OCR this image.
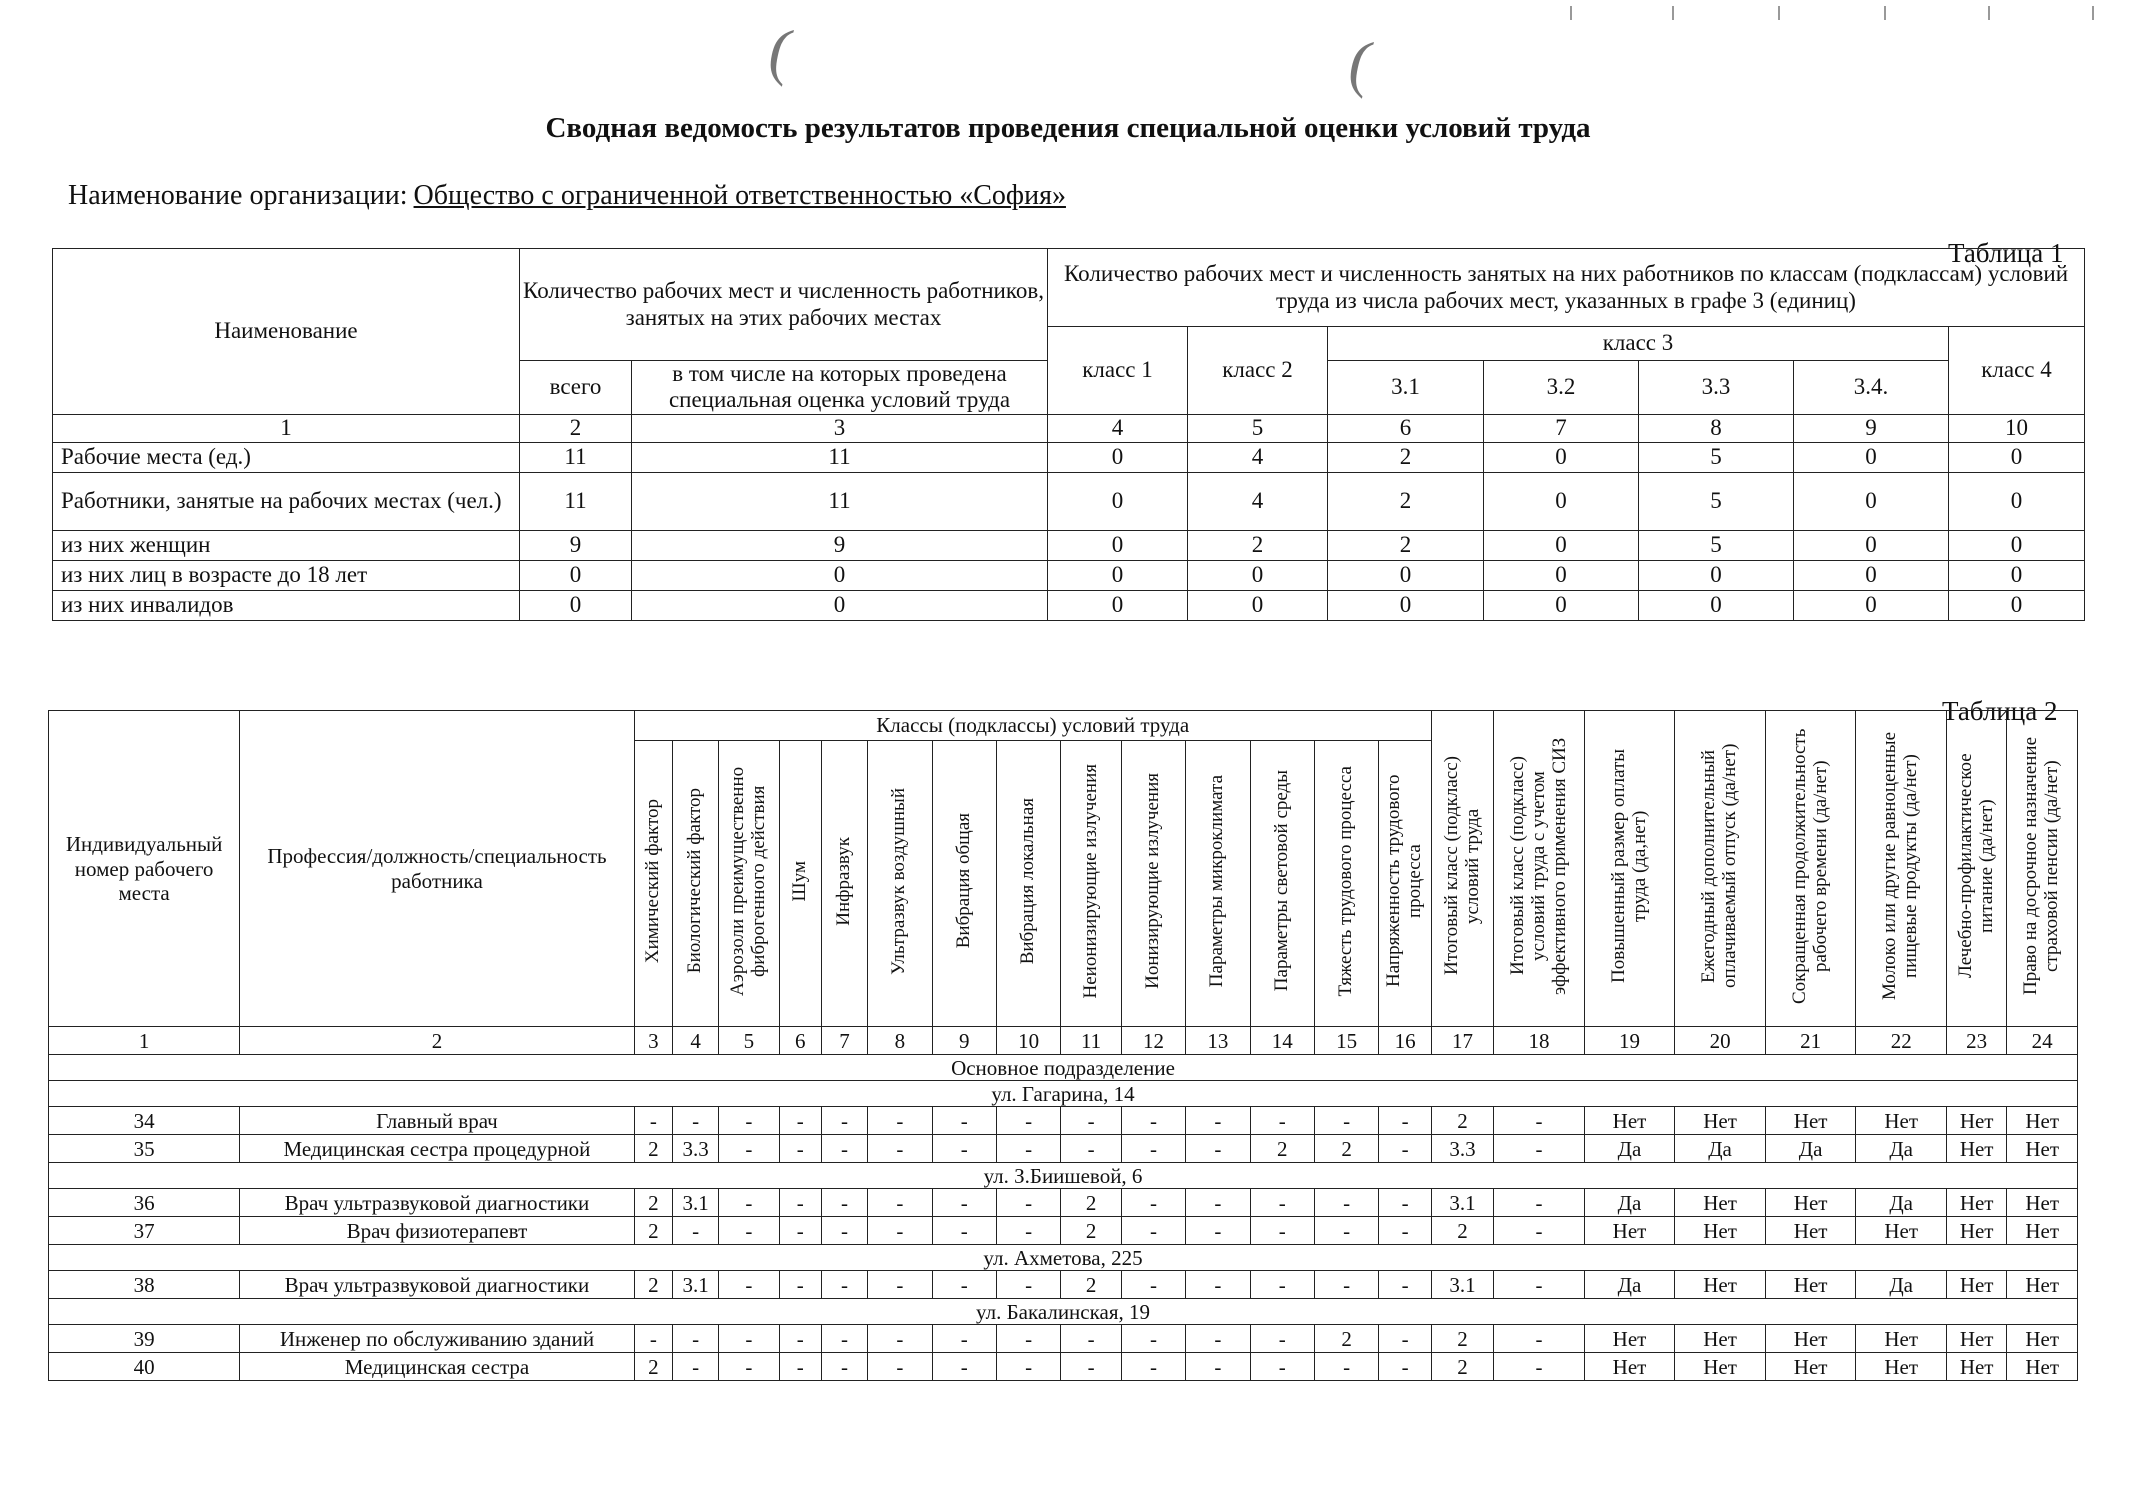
(	(
Сводная ведомость результатов проведения специальной оценки условий труда
Наименование организации: Общество с ограниченной ответственностью «София»
Таблица 1
Наименование	Количество рабочих мест и численность работников, занятых на этих рабочих местах		Количество рабочих мест и численность занятых на них работников по классам (подклассам) условий труда из числа рабочих мест, указанных в графе 3 (единиц)						
			класс 1	класс 2	класс 3				класс 4
	всего	в том числе на которых проведена специальная оценка условий труда			3.1	3.2	3.3	3.4.	
1	2	3	4	5	6	7	8	9	10
Рабочие места (ед.)	11	11	0	4	2	0	5	0	0
Работники, занятые на рабочих местах (чел.)	11	11	0	4	2	0	5	0	0
из них женщин	9	9	0	2	2	0	5	0	0
из них лиц в возрасте до 18 лет	0	0	0	0	0	0	0	0	0
из них инвалидов	0	0	0	0	0	0	0	0	0
Таблица 2
Индивидуальный номер рабочего места	Профессия/должность/специальность работника	Классы (подклассы) условий труда														Итоговый класс (подкласс) условий труда	Итоговый класс (подкласс) условий труда с учетом эффективного применения СИЗ	Повышенный размер оплаты труда (да,нет)	Ежегодный дополнительный оплачиваемый отпуск (да/нет)	Сокращенная продолжительность рабочего времени (да/нет)	Молоко или другие равноценные пищевые продукты (да/нет)	Лечебно-профилактическое питание (да/нет)	Право на досрочное назначение страховой пенсии (да/нет)
		Химический фактор	Биологический фактор	Аэрозоли преимущественно фиброгенного действия	Шум	Инфразвук	Ультразвук воздушный	Вибрация общая	Вибрация локальная	Неионизирующие излучения	Ионизирующие излучения	Параметры микроклимата	Параметры световой среды	Тяжесть трудового процесса	Напряженность трудового процесса								
1	2	3	4	5	6	7	8	9	10	11	12	13	14	15	16	17	18	19	20	21	22	23	24
Основное подразделение																							
ул. Гагарина, 14																							
34	Главный врач	-	-	-	-	-	-	-	-	-	-	-	-	-	-	2	-	Нет	Нет	Нет	Нет	Нет	Нет
35	Медицинская сестра процедурной	2	3.3	-	-	-	-	-	-	-	-	-	2	2	-	3.3	-	Да	Да	Да	Да	Нет	Нет
ул. З.Биишевой, 6																							
36	Врач ультразвуковой диагностики	2	3.1	-	-	-	-	-	-	2	-	-	-	-	-	3.1	-	Да	Нет	Нет	Да	Нет	Нет
37	Врач физиотерапевт	2	-	-	-	-	-	-	-	2	-	-	-	-	-	2	-	Нет	Нет	Нет	Нет	Нет	Нет
ул. Ахметова, 225																							
38	Врач ультразвуковой диагностики	2	3.1	-	-	-	-	-	-	2	-	-	-	-	-	3.1	-	Да	Нет	Нет	Да	Нет	Нет
ул. Бакалинская, 19																							
39	Инженер по обслуживанию зданий	-	-	-	-	-	-	-	-	-	-	-	-	2	-	2	-	Нет	Нет	Нет	Нет	Нет	Нет
40	Медицинская сестра	2	-	-	-	-	-	-	-	-	-	-	-	-	-	2	-	Нет	Нет	Нет	Нет	Нет	Нет
